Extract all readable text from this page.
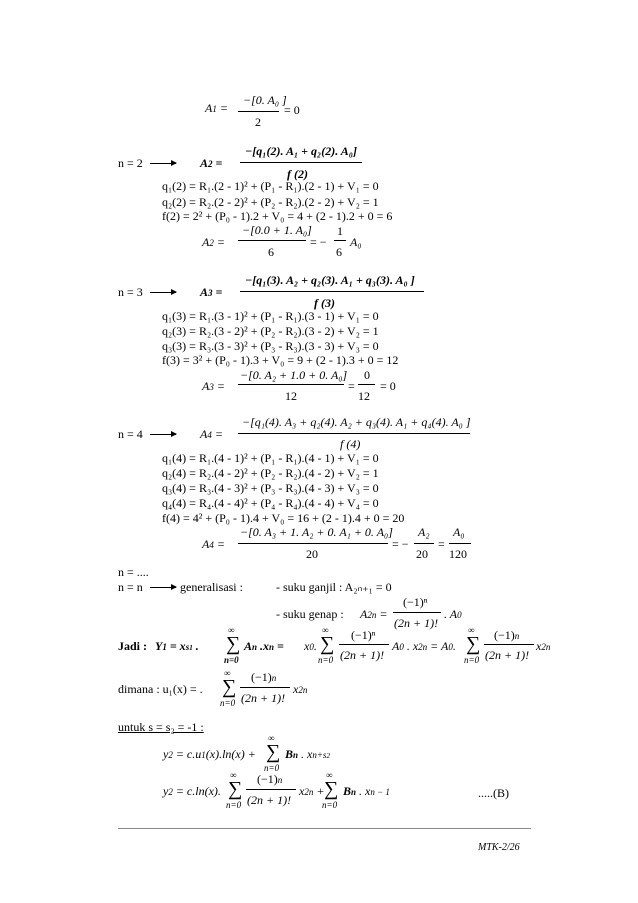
A1 =
−[0. A₀ ]
2
= 0
n = 2	A2 =
−[q₁(2). A₁ + q₂(2). A₀]
f (2)
q₁(2) = R₁.(2 - 1)² + (P₁ - R₁).(2 - 1) + V₁ = 0
q₂(2) = R₂.(2 - 2)² + (P₂ - R₂).(2 - 2) + V₂ = 1
f(2) = 2² + (P₀ - 1).2 + V₀ = 4 + (2 - 1).2 + 0 = 6
A2 =
−[0.0 + 1. A₀]
6
= −
1
6
A₀
n = 3	A3 =
−[q₁(3). A₂ + q₂(3). A₁ + q₃(3). A₀ ]
f (3)
q₁(3) = R₁.(3 - 1)² + (P₁ - R₁).(3 - 1) + V₁ = 0
q₂(3) = R₂.(3 - 2)² + (P₂ - R₂).(3 - 2) + V₂ = 1
q₃(3) = R₃.(3 - 3)² + (P₃ - R₃).(3 - 3) + V₃ = 0
f(3) = 3² + (P₀ - 1).3 + V₀ = 9 + (2 - 1).3 + 0 = 12
A3 =
−[0. A₂ + 1.0 + 0. A₀]
12
=
0
12
= 0
n = 4	A4 =
−[q₁(4). A₃ + q₂(4). A₂ + q₃(4). A₁ + q₄(4). A₀ ]
f (4)
q₁(4) = R₁.(4 - 1)² + (P₁ - R₁).(4 - 1) + V₁ = 0
q₂(4) = R₂.(4 - 2)² + (P₂ - R₂).(4 - 2) + V₂ = 1
q₃(4) = R₃.(4 - 3)² + (P₃ - R₃).(4 - 3) + V₃ = 0
q₄(4) = R₄.(4 - 4)² + (P₄ - R₄).(4 - 4) + V₄ = 0
f(4) = 4² + (P₀ - 1).4 + V₀ = 16 + (2 - 1).4 + 0 = 20
A4 =
−[0. A₃ + 1. A₂ + 0. A₁ + 0. A₀]
20
= −
A₂
20
=
A₀
120
n = ....
n = n	generalisasi :	- suku ganjil : A₂ₙ₊₁ = 0
- suku genap : A2n =
(−1)ⁿ
(2n + 1)!
. A0
Jadi : Y1 = xs1 .
∞
∑
n=0
An .xn = x0.
∞
∑
n=0
(−1)ⁿ
(2n + 1)!
A0 . x2n = A0.
∞
∑
n=0
(−1)n
(2n + 1)!
x2n
dimana : u₁(x) = .
∞
∑
n=0
(−1)n
(2n + 1)!
x2n
untuk s = s₂ = -1 :
y2 = c.u1(x).ln(x) +
∞
∑
n=0
Bn . xn+s2
y2 = c.ln(x).
∞
∑
n=0
(−1)n
(2n + 1)!
x2n +
∞
∑
n=0
Bn . xn − 1	.....(B)
MTK-2/26
